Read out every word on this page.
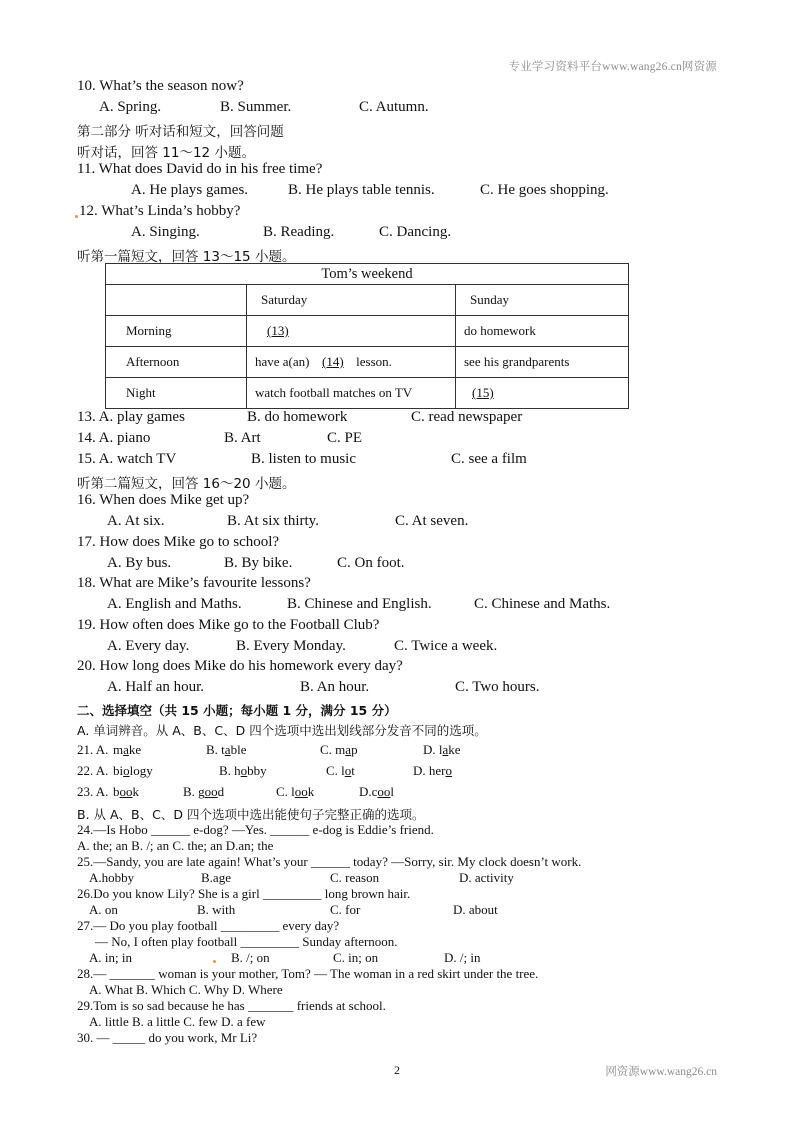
专业学习资料平台www.wang26.cn网资源
10. What’s the season now?
A. Spring.	B. Summer.	C. Autumn.
第二部分 听对话和短文，回答问题
听对话，回答 11～12 小题。
11. What does David do in his free time?
A. He plays games.	B. He plays table tennis.	C. He goes shopping.
12. What’s Linda’s hobby?
A. Singing.	B. Reading.	C. Dancing.
听第一篇短文，回答 13～15 小题。
Tom’s weekend		
	Saturday	Sunday
Morning	(13)	do homework
Afternoon	have a(an) (14) lesson.	see his grandparents
Night	watch football matches on TV	(15)
13. A. play games	B. do homework	C. read newspaper
14. A. piano	B. Art	C. PE
15. A. watch TV	B. listen to music	C. see a film
听第二篇短文，回答 16～20 小题。
16. When does Mike get up?
A. At six.	B. At six thirty.	C. At seven.
17. How does Mike go to school?
A. By bus.	B. By bike.	C. On foot.
18. What are Mike’s favourite lessons?
A. English and Maths.	B. Chinese and English.	C. Chinese and Maths.
19. How often does Mike go to the Football Club?
A. Every day.	B. Every Monday.	C. Twice a week.
20. How long does Mike do his homework every day?
A. Half an hour.	B. An hour.	C. Two hours.
二、选择填空（共 15 小题；每小题 1 分，满分 15 分）
A. 单词辨音。从 A、B、C、D 四个选项中选出划线部分发音不同的选项。
21. A. make	B. table	C. map	D. lake
22. A. biology	B. hobby	C. lot	D. hero
23. A. book	B. good	C. look	D.cool
B. 从 A、B、C、D 四个选项中选出能使句子完整正确的选项。
24.—Is Hobo ______ e-dog? —Yes. ______ e-dog is Eddie’s friend.
A. the; an B. /; an C. the; an D.an; the
25.—Sandy, you are late again! What’s your ______ today? —Sorry, sir. My clock doesn’t work.
A.hobby	B.age	C. reason	D. activity
26.Do you know Lily? She is a girl _________ long brown hair.
A. on	B. with	C. for	D. about
27.— Do you play football _________ every day?
— No, I often play football _________ Sunday afternoon.
A. in; in	B. /; on	C. in; on	D. /; in
28.— _______ woman is your mother, Tom? — The woman in a red skirt under the tree.
A. What B. Which C. Why D. Where
29.Tom is so sad because he has _______ friends at school.
A. little B. a little C. few D. a few
30. — _____ do you work, Mr Li?
2	网资源www.wang26.cn
